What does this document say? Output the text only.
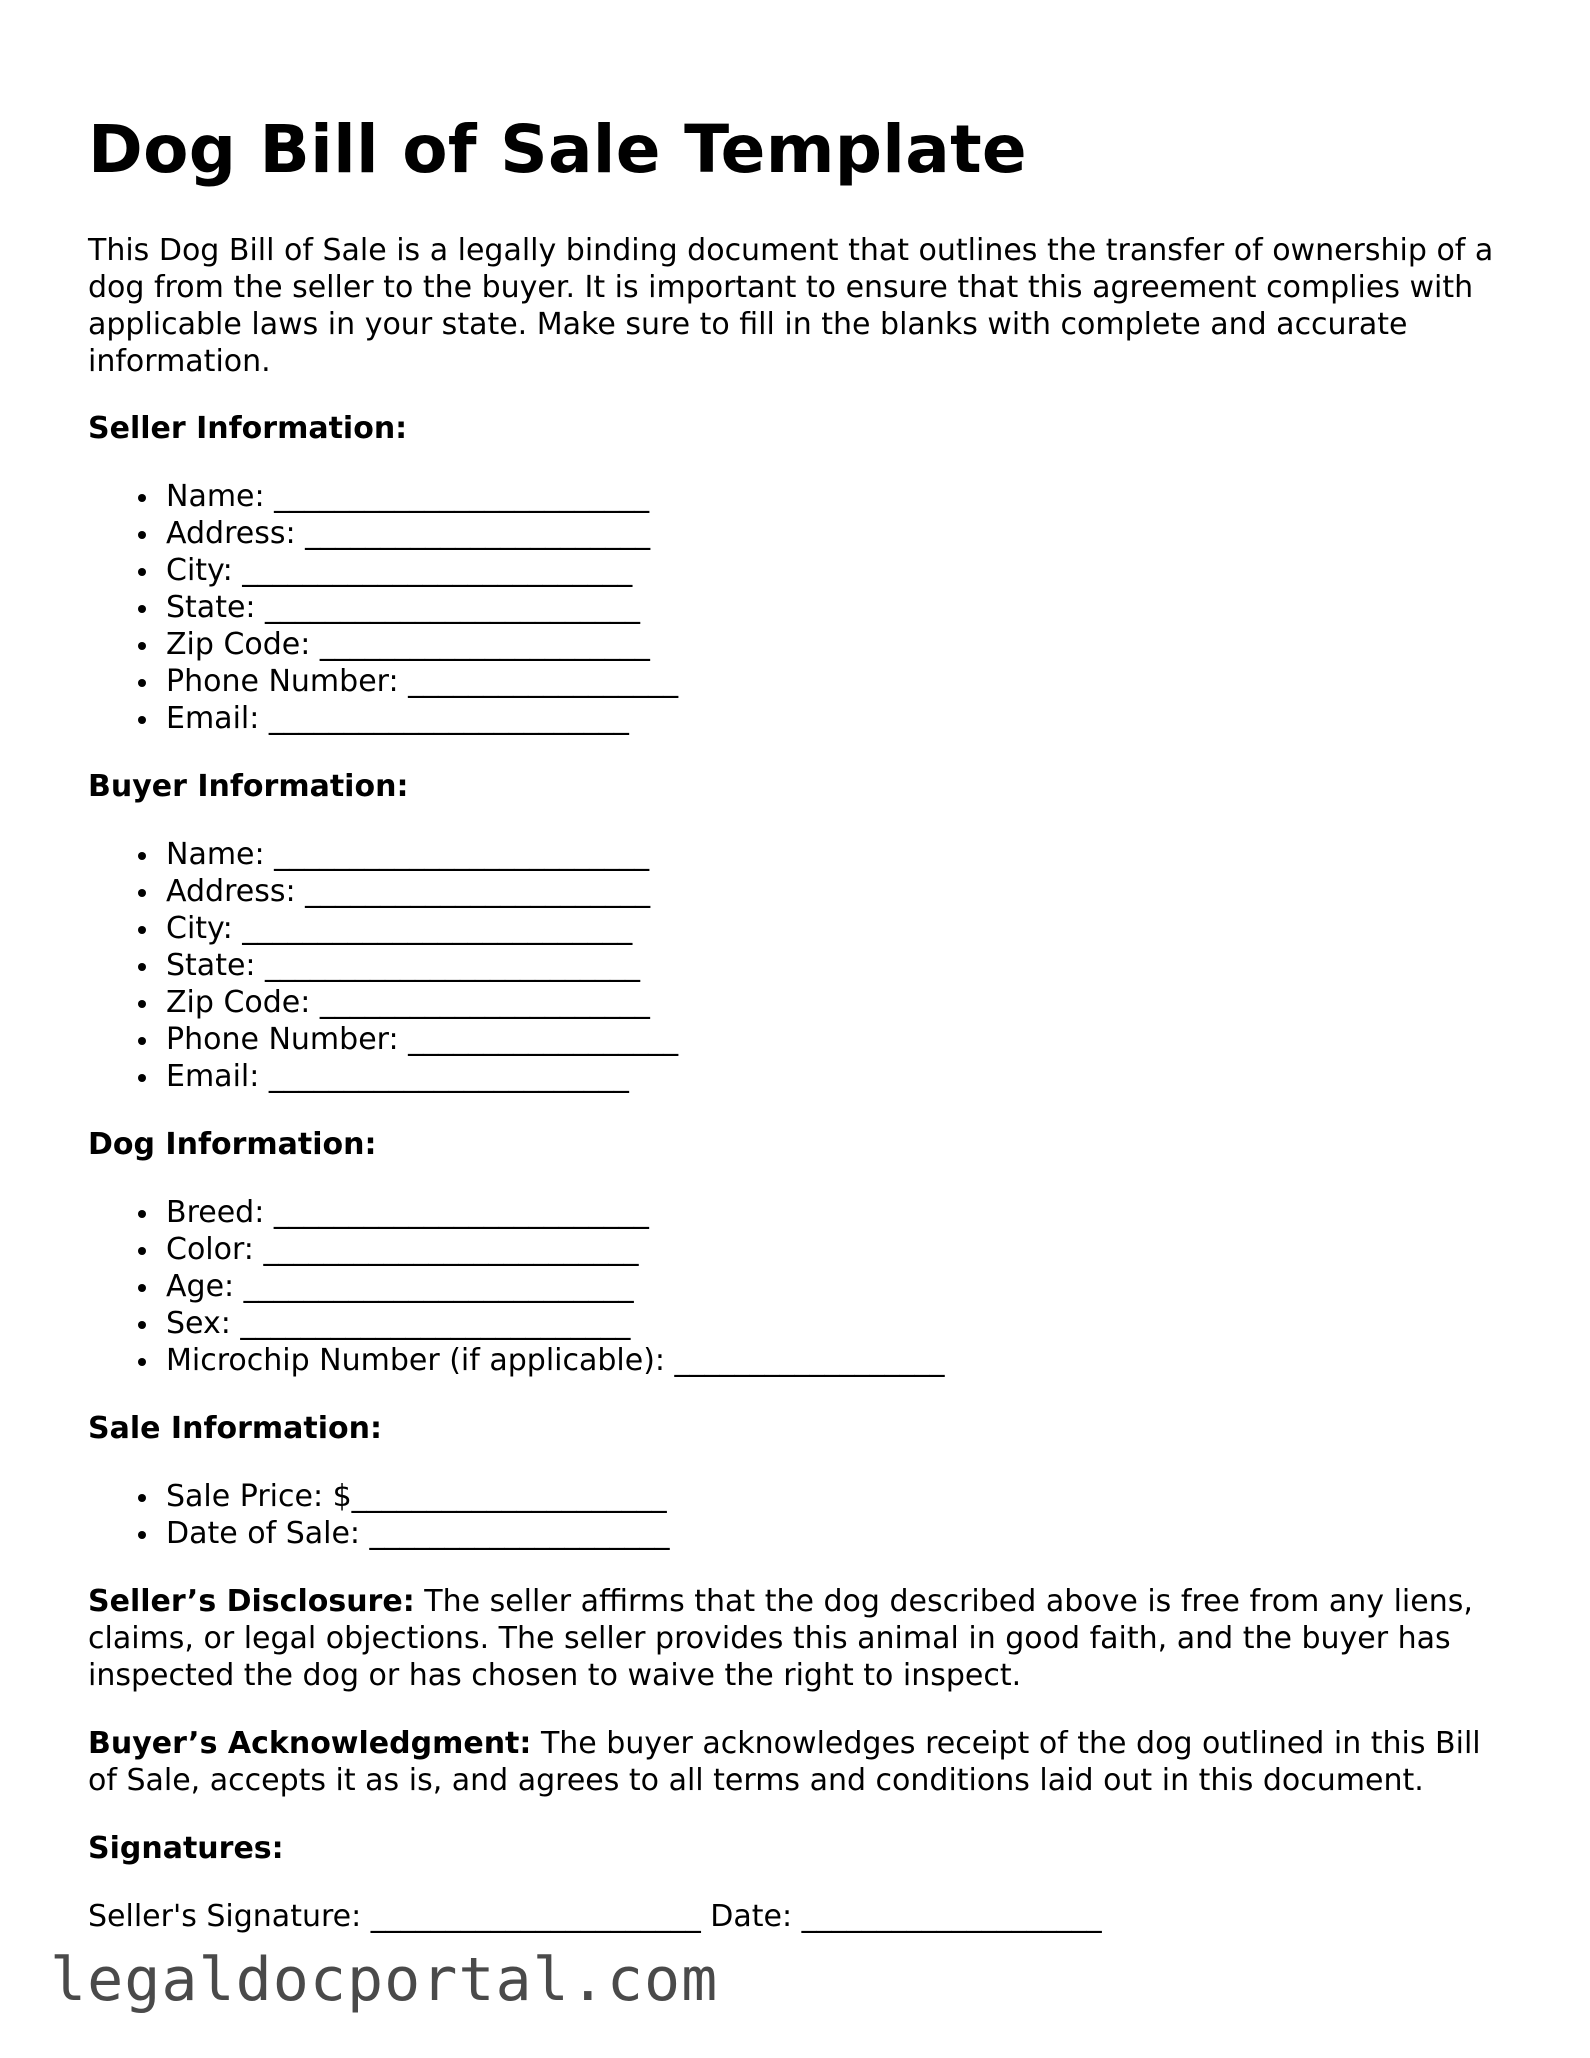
Dog Bill of Sale Template

This Dog Bill of Sale is a legally binding document that outlines the transfer of ownership of a dog from the seller to the buyer. It is important to ensure that this agreement complies with applicable laws in your state. Make sure to fill in the blanks with complete and accurate information.

Seller Information:
Name: _________________________
Address: _______________________
City: __________________________
State: _________________________
Zip Code: ______________________
Phone Number: __________________
Email: ________________________
Buyer Information:
Name: _________________________
Address: _______________________
City: __________________________
State: _________________________
Zip Code: ______________________
Phone Number: __________________
Email: ________________________
Dog Information:
Breed: _________________________
Color: _________________________
Age: __________________________
Sex: __________________________
Microchip Number (if applicable): __________________
Sale Information:
Sale Price: $_____________________
Date of Sale: ____________________

Seller’s Disclosure: The seller affirms that the dog described above is free from any liens, claims, or legal objections. The seller provides this animal in good faith, and the buyer has inspected the dog or has chosen to waive the right to inspect.

Buyer’s Acknowledgment: The buyer acknowledges receipt of the dog outlined in this Bill of Sale, accepts it as is, and agrees to all terms and conditions laid out in this document.

Signatures:
Seller's Signature: ______________________ Date: ____________________
legaldocportal.com
